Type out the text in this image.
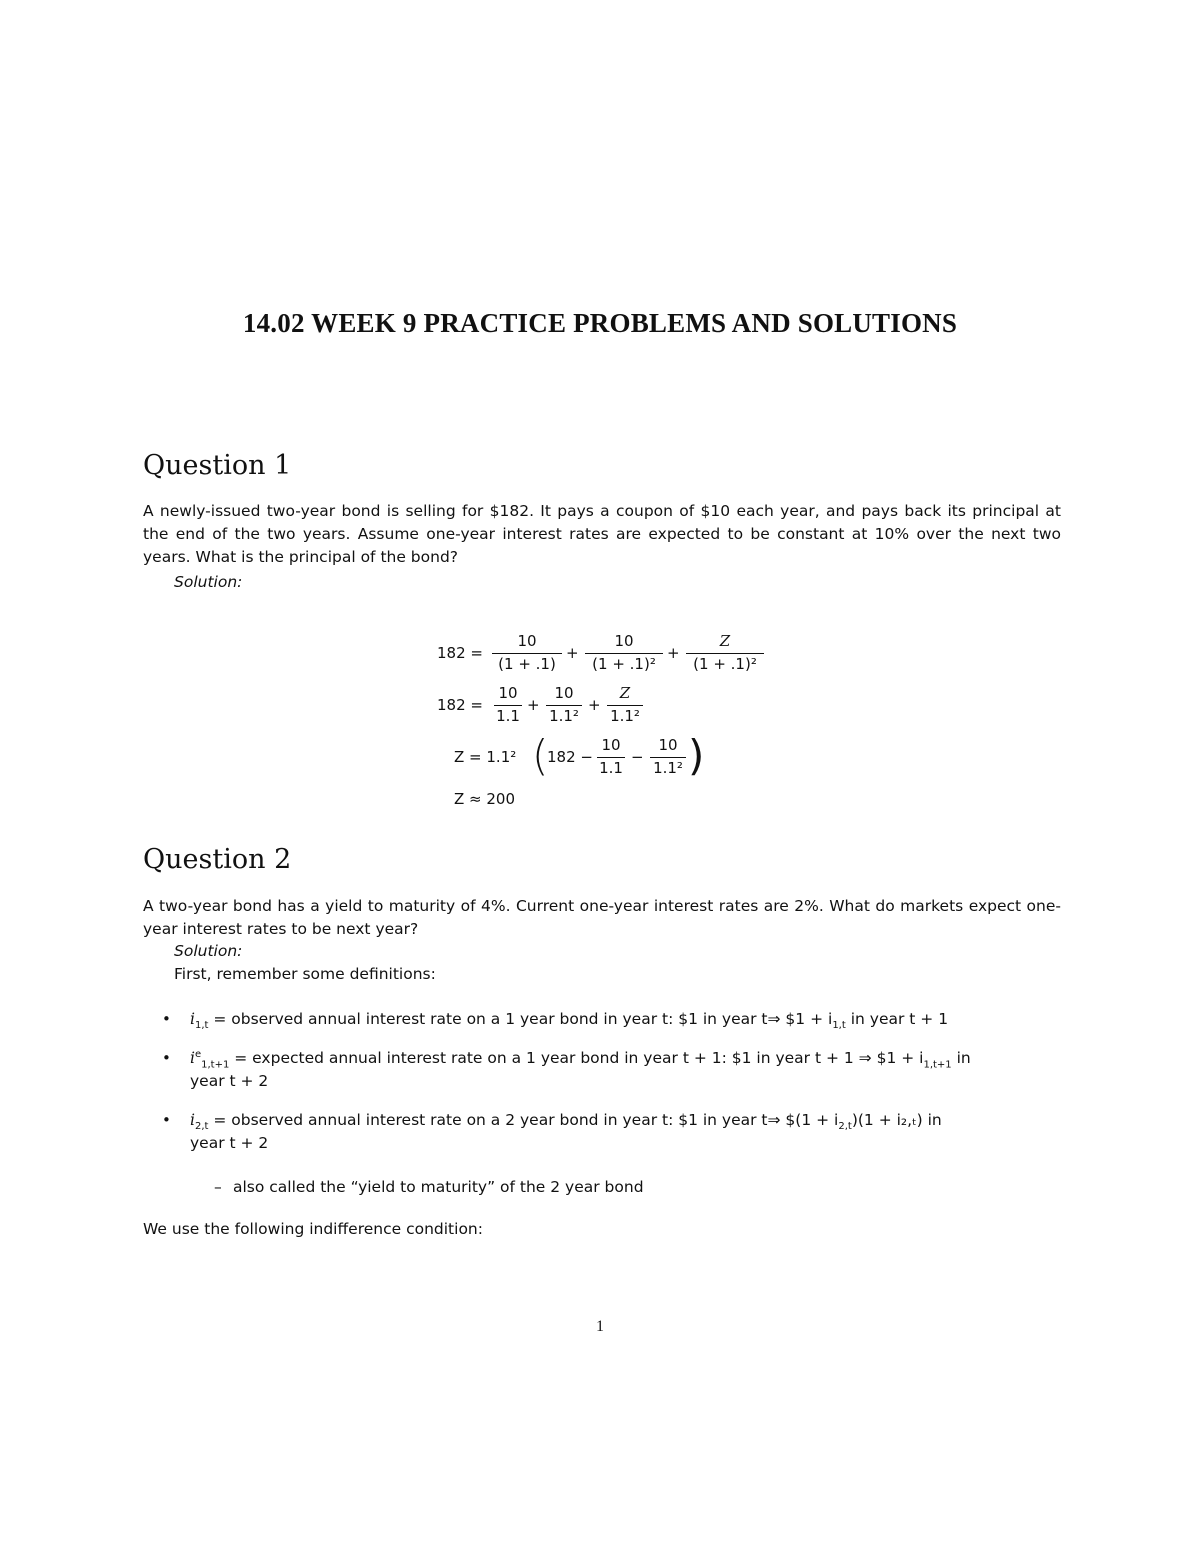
14.02 WEEK 9 PRACTICE PROBLEMS AND SOLUTIONS
Question 1
A newly-issued two-year bond is selling for $182. It pays a coupon of $10 each year, and pays back its principal at the end of the two years. Assume one-year interest rates are expected to be constant at 10% over the next two years. What is the principal of the bond?
Solution:
182 =
10
(1 + .1)
+
10
(1 + .1)²
+
Z
(1 + .1)²
182 =
10
1.1
+
10
1.1²
+
Z
1.1²
Z = 1.1² (
182 −
10
1.1
−
10
1.1² )
Z ≈ 200
Question 2
A two-year bond has a yield to maturity of 4%. Current one-year interest rates are 2%. What do markets expect one-year interest rates to be next year?
Solution:
First, remember some definitions:
• $i_{1,t}$ = observed annual interest rate on a 1 year bond in year t: $1 in year t⇒ $1 + $i_{1,t}$ in year t + 1
• $i^e_{1,t+1}$ = expected annual interest rate on a 1 year bond in year t + 1: $1 in year t + 1 ⇒ $1 + $i_{1,t+1}$ in
year t + 2
• $i_{2,t}$ = observed annual interest rate on a 2 year bond in year t: $1 in year t⇒ $(1 + $i_{2,t})(1 + i_2,_t)$ in
year t + 2
– also called the “yield to maturity” of the 2 year bond
We use the following indifference condition:
1
